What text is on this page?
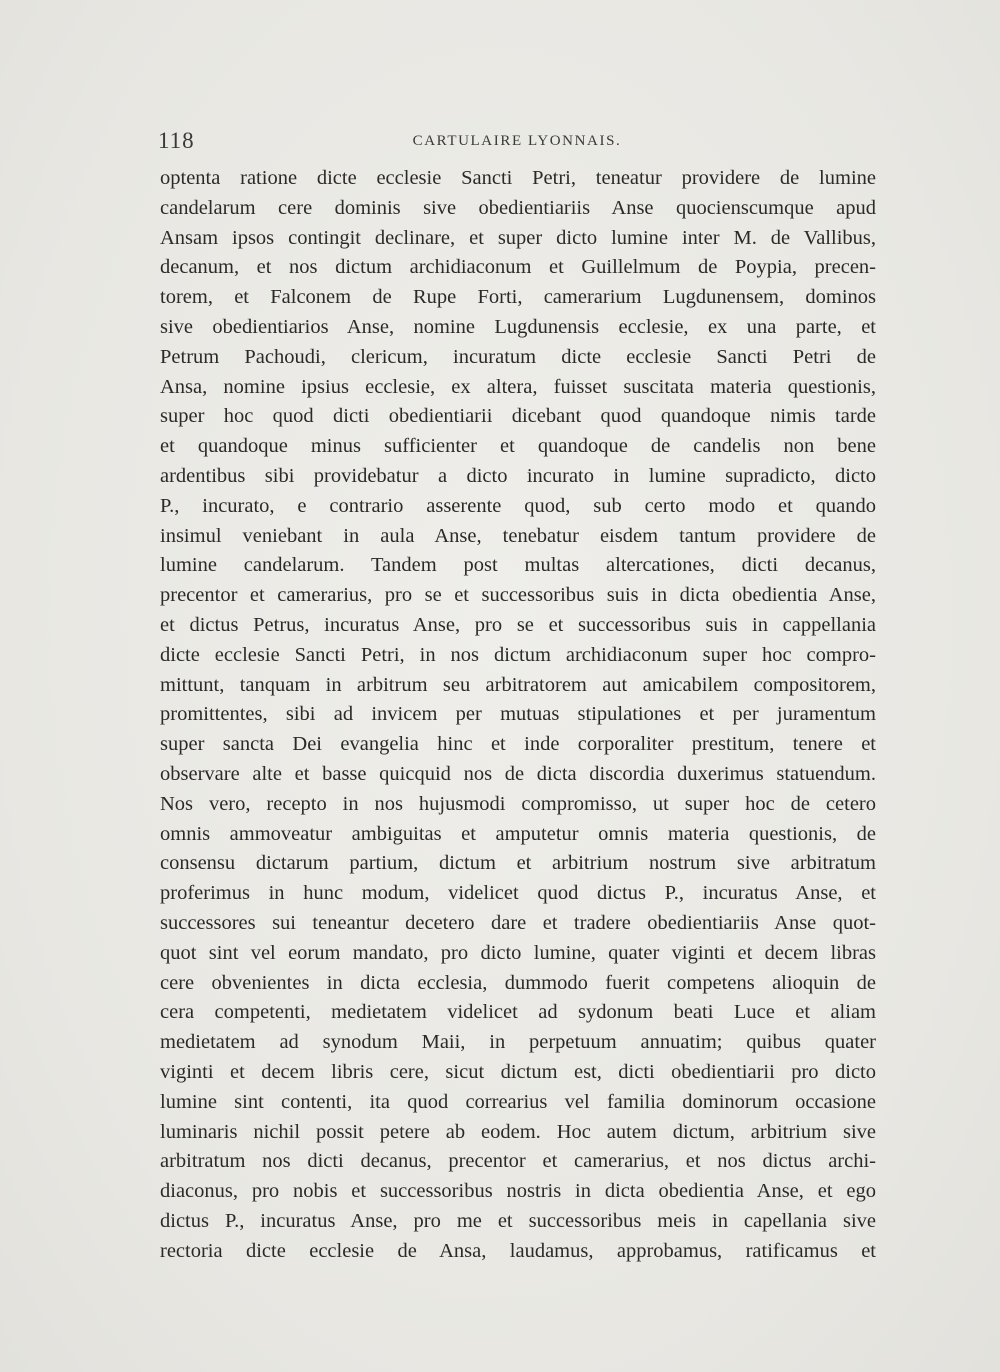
118	CARTULAIRE LYONNAIS.
optenta ratione dicte ecclesie Sancti Petri, teneatur providere de lumine
candelarum cere dominis sive obedientiariis Anse quocienscumque apud
Ansam ipsos contingit declinare, et super dicto lumine inter M. de Vallibus,
decanum, et nos dictum archidiaconum et Guillelmum de Poypia, precen-
torem, et Falconem de Rupe Forti, camerarium Lugdunensem, dominos
sive obedientiarios Anse, nomine Lugdunensis ecclesie, ex una parte, et
Petrum Pachoudi, clericum, incuratum dicte ecclesie Sancti Petri de
Ansa, nomine ipsius ecclesie, ex altera, fuisset suscitata materia questionis,
super hoc quod dicti obedientiarii dicebant quod quandoque nimis tarde
et quandoque minus sufficienter et quandoque de candelis non bene
ardentibus sibi providebatur a dicto incurato in lumine supradicto, dicto
P., incurato, e contrario asserente quod, sub certo modo et quando
insimul veniebant in aula Anse, tenebatur eisdem tantum providere de
lumine candelarum. Tandem post multas altercationes, dicti decanus,
precentor et camerarius, pro se et successoribus suis in dicta obedientia Anse,
et dictus Petrus, incuratus Anse, pro se et successoribus suis in cappellania
dicte ecclesie Sancti Petri, in nos dictum archidiaconum super hoc compro-
mittunt, tanquam in arbitrum seu arbitratorem aut amicabilem compositorem,
promittentes, sibi ad invicem per mutuas stipulationes et per juramentum
super sancta Dei evangelia hinc et inde corporaliter prestitum, tenere et
observare alte et basse quicquid nos de dicta discordia duxerimus statuendum.
Nos vero, recepto in nos hujusmodi compromisso, ut super hoc de cetero
omnis ammoveatur ambiguitas et amputetur omnis materia questionis, de
consensu dictarum partium, dictum et arbitrium nostrum sive arbitratum
proferimus in hunc modum, videlicet quod dictus P., incuratus Anse, et
successores sui teneantur decetero dare et tradere obedientiariis Anse quot-
quot sint vel eorum mandato, pro dicto lumine, quater viginti et decem libras
cere obvenientes in dicta ecclesia, dummodo fuerit competens alioquin de
cera competenti, medietatem videlicet ad sydonum beati Luce et aliam
medietatem ad synodum Maii, in perpetuum annuatim; quibus quater
viginti et decem libris cere, sicut dictum est, dicti obedientiarii pro dicto
lumine sint contenti, ita quod correarius vel familia dominorum occasione
luminaris nichil possit petere ab eodem. Hoc autem dictum, arbitrium sive
arbitratum nos dicti decanus, precentor et camerarius, et nos dictus archi-
diaconus, pro nobis et successoribus nostris in dicta obedientia Anse, et ego
dictus P., incuratus Anse, pro me et successoribus meis in capellania sive
rectoria dicte ecclesie de Ansa, laudamus, approbamus, ratificamus et
